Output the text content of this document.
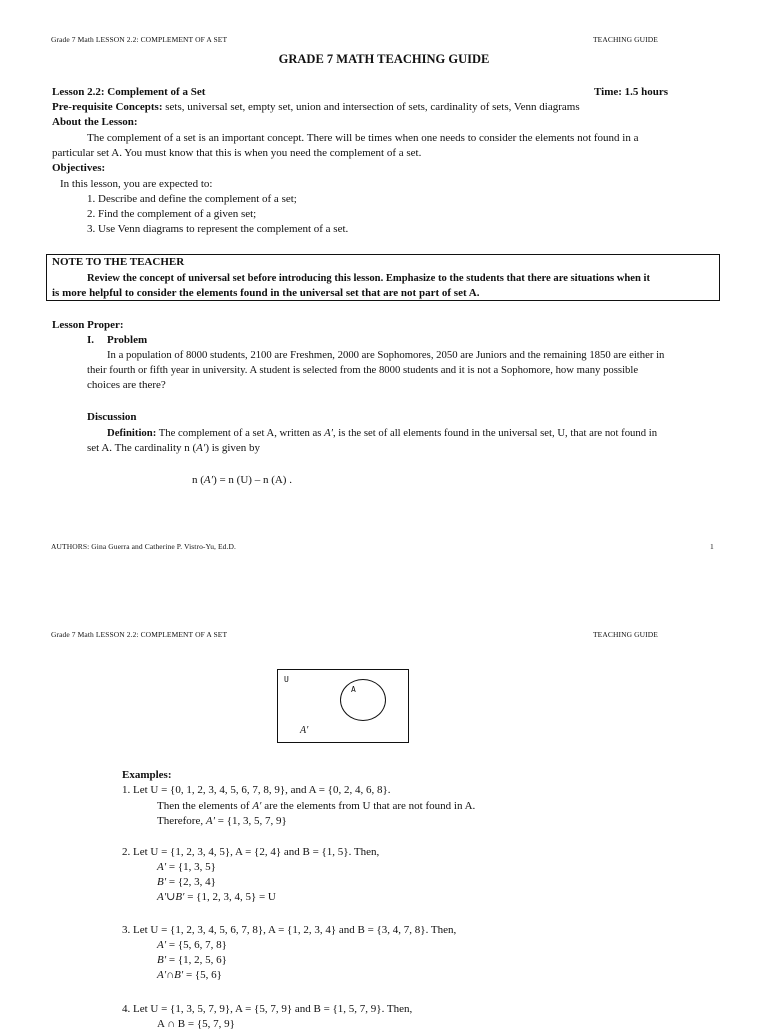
Grade 7 Math LESSON 2.2: COMPLEMENT OF A SET	TEACHING GUIDE
GRADE 7 MATH TEACHING GUIDE
Lesson 2.2: Complement of a Set	Time: 1.5 hours
Pre-requisite Concepts: sets, universal set, empty set, union and intersection of sets, cardinality of sets, Venn diagrams
About the Lesson:
The complement of a set is an important concept. There will be times when one needs to consider the elements not found in a
particular set A. You must know that this is when you need the complement of a set.
Objectives:
In this lesson, you are expected to:
1. Describe and define the complement of a set;
2. Find the complement of a given set;
3. Use Venn diagrams to represent the complement of a set.
NOTE TO THE TEACHER
Review the concept of universal set before introducing this lesson. Emphasize to the students that there are situations when it
is more helpful to consider the elements found in the universal set that are not part of set A.
Lesson Proper:
I. Problem
In a population of 8000 students, 2100 are Freshmen, 2000 are Sophomores, 2050 are Juniors and the remaining 1850 are either in
their fourth or fifth year in university. A student is selected from the 8000 students and it is not a Sophomore, how many possible
choices are there?
Discussion
Definition: The complement of a set A, written as A′, is the set of all elements found in the universal set, U, that are not found in
set A. The cardinality n (A′) is given by
n (A′) = n (U) – n (A) .
AUTHORS: Gina Guerra and Catherine P. Vistro-Yu, Ed.D.	1
Grade 7 Math LESSON 2.2: COMPLEMENT OF A SET	TEACHING GUIDE
U
A
A′
Examples:
1. Let U = {0, 1, 2, 3, 4, 5, 6, 7, 8, 9}, and A = {0, 2, 4, 6, 8}.
Then the elements of A′ are the elements from U that are not found in A.
Therefore, A′ = {1, 3, 5, 7, 9}
2. Let U = {1, 2, 3, 4, 5}, A = {2, 4} and B = {1, 5}. Then,
A′ = {1, 3, 5}
B′ = {2, 3, 4}
A′∪B′ = {1, 2, 3, 4, 5} = U
3. Let U = {1, 2, 3, 4, 5, 6, 7, 8}, A = {1, 2, 3, 4} and B = {3, 4, 7, 8}. Then,
A′ = {5, 6, 7, 8}
B′ = {1, 2, 5, 6}
A′∩B′ = {5, 6}
4. Let U = {1, 3, 5, 7, 9}, A = {5, 7, 9} and B = {1, 5, 7, 9}. Then,
A ∩ B = {5, 7, 9}
